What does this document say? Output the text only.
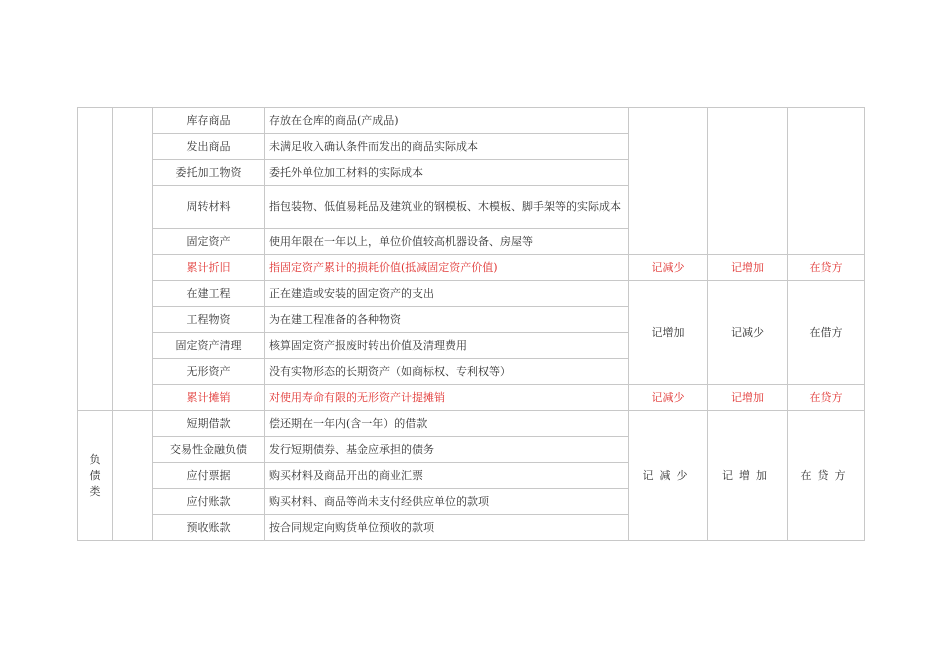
		库存商品	存放在仓库的商品(产成品)			
		发出商品	未满足收入确认条件而发出的商品实际成本			
		委托加工物资	委托外单位加工材料的实际成本			
		周转材料	指包装物、低值易耗品及建筑业的钢模板、木模板、脚手架等的实际成本			
		固定资产	使用年限在一年以上，单位价值较高机器设备、房屋等			
		累计折旧	指固定资产累计的损耗价值(抵减固定资产价值)	记减少	记增加	在贷方
		在建工程	正在建造或安装的固定资产的支出	记增加	记减少	在借方
		工程物资	为在建工程准备的各种物资			
		固定资产清理	核算固定资产报废时转出价值及清理费用			
		无形资产	没有实物形态的长期资产（如商标权、专利权等）			
		累计摊销	对使用寿命有限的无形资产计提摊销	记减少	记增加	在贷方
负债类		短期借款	偿还期在一年内(含一年）的借款	记减少	记增加	在贷方
		交易性金融负债	发行短期债券、基金应承担的债务			
		应付票据	购买材料及商品开出的商业汇票			
		应付账款	购买材料、商品等尚未支付经供应单位的款项			
		预收账款	按合同规定向购货单位预收的款项			
